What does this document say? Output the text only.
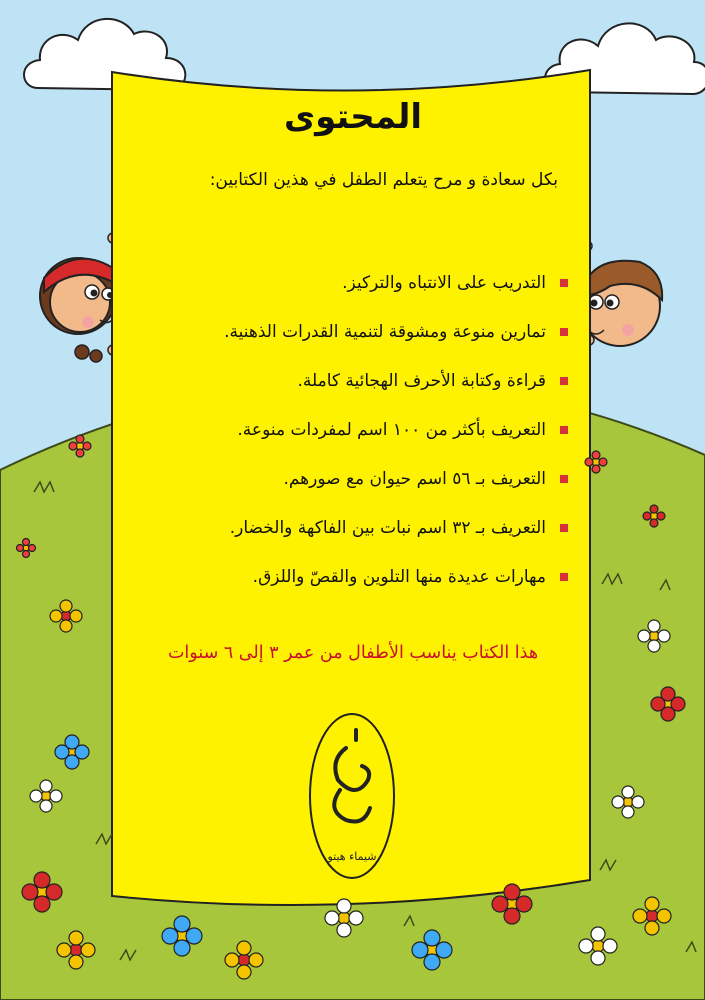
شيماء هيتو
المحتوى
بكل سعادة و مرح يتعلم الطفل في هذين الكتابين:
التدريب على الانتباه والتركيز.
تمارين منوعة ومشوقة لتنمية القدرات الذهنية.
قراءة وكتابة الأحرف الهجائية كاملة.
التعريف بأكثر من ١٠٠ اسم لمفردات منوعة.
التعريف بـ ٥٦ اسم حيوان مع صورهم.
التعريف بـ ٣٢ اسم نبات بين الفاكهة والخضار.
مهارات عديدة منها التلوين والقصّ واللزق.
هذا الكتاب يناسب الأطفال من عمر ٣ إلى ٦ سنوات
